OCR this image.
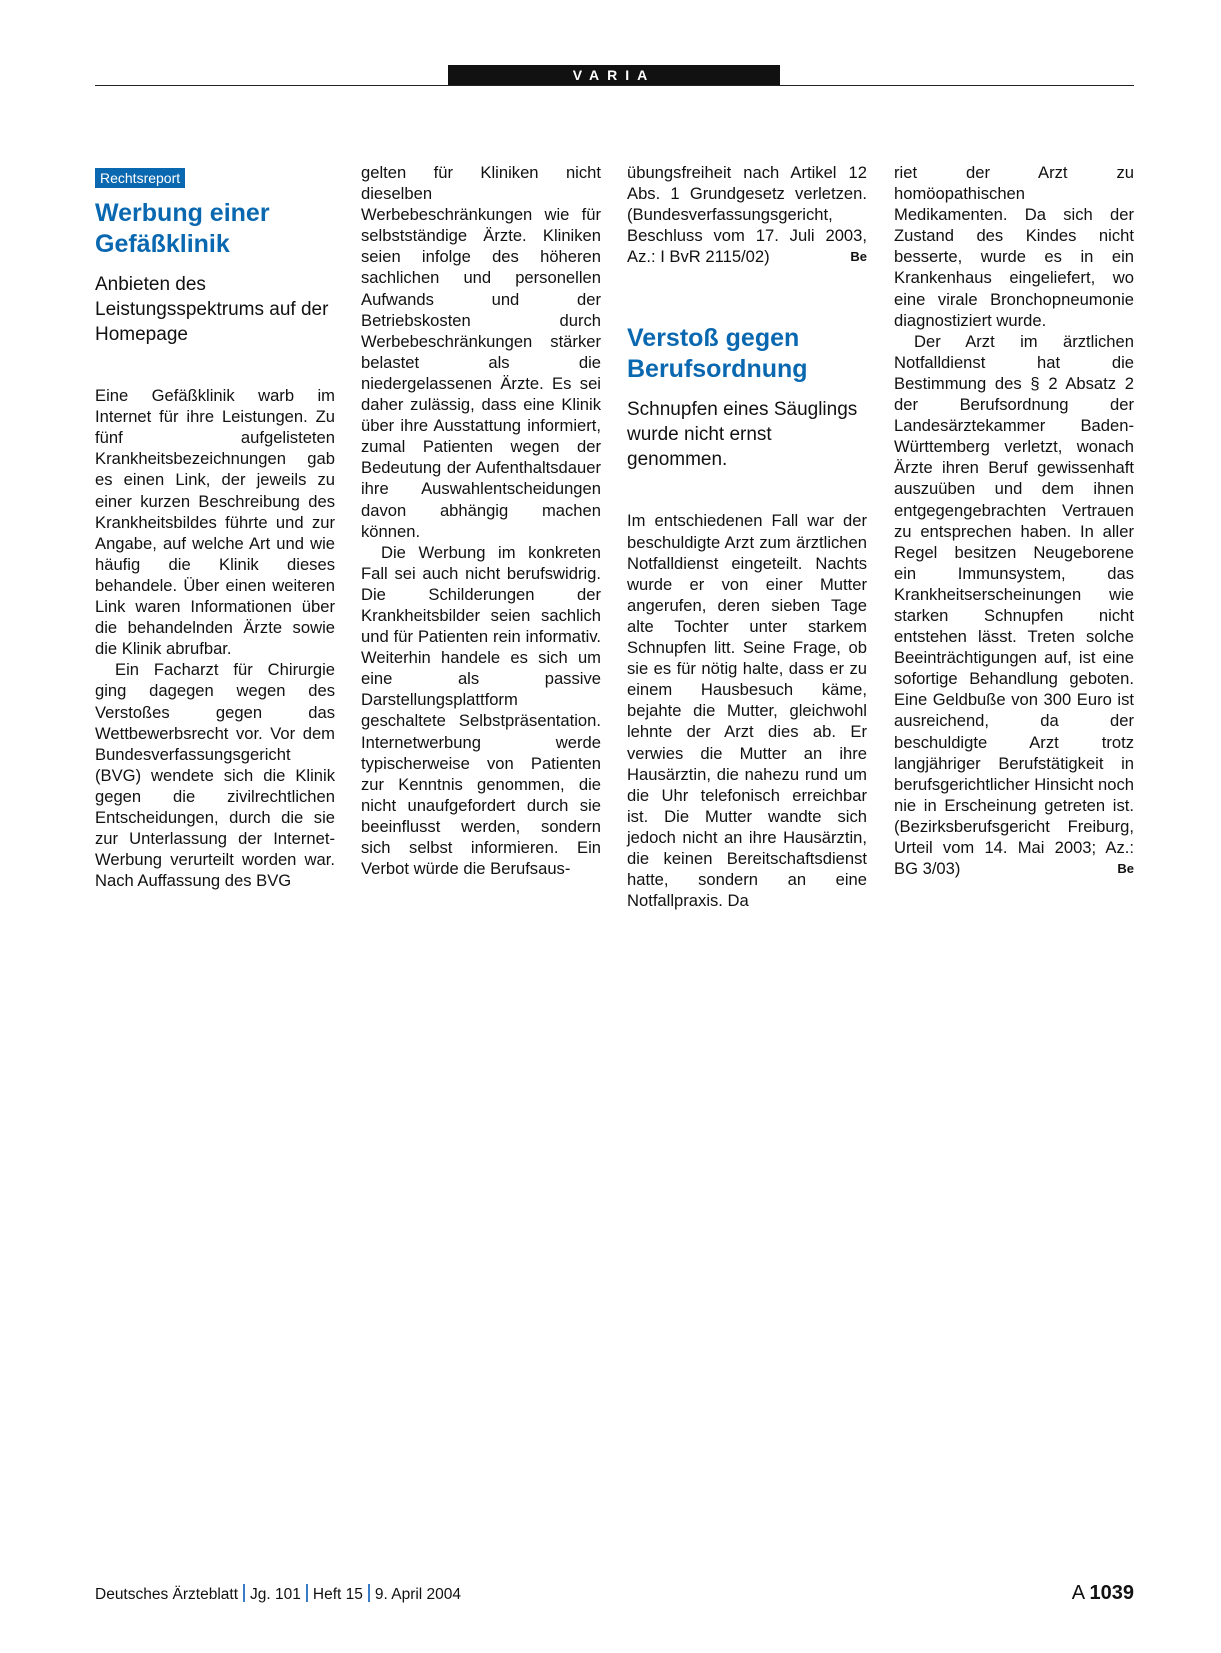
VARIA
Rechtsreport
Werbung einer Gefäßklinik
Anbieten des Leistungsspektrums auf der Homepage

Eine Gefäßklinik warb im Internet für ihre Leistungen. Zu fünf aufgelisteten Krankheitsbezeichnungen gab es einen Link, der jeweils zu einer kurzen Beschreibung des Krankheitsbildes führte und zur Angabe, auf welche Art und wie häufig die Klinik dieses behandele. Über einen weiteren Link waren Informationen über die behandelnden Ärzte sowie die Klinik abrufbar.

Ein Facharzt für Chirurgie ging dagegen wegen des Verstoßes gegen das Wettbewerbsrecht vor. Vor dem Bundesverfassungsgericht (BVG) wendete sich die Klinik gegen die zivilrechtlichen Entscheidungen, durch die sie zur Unterlassung der Internet-Werbung verurteilt worden war. Nach Auffassung des BVG

gelten für Kliniken nicht dieselben Werbebeschränkungen wie für selbstständige Ärzte. Kliniken seien infolge des höheren sachlichen und personellen Aufwands und der Betriebskosten durch Werbebeschränkungen stärker belastet als die niedergelassenen Ärzte. Es sei daher zulässig, dass eine Klinik über ihre Ausstattung informiert, zumal Patienten wegen der Bedeutung der Aufenthaltsdauer ihre Auswahlentscheidungen davon abhängig machen können.

Die Werbung im konkreten Fall sei auch nicht berufswidrig. Die Schilderungen der Krankheitsbilder seien sachlich und für Patienten rein informativ. Weiterhin handele es sich um eine als passive Darstellungsplattform geschaltete Selbstpräsentation. Internetwerbung werde typischerweise von Patienten zur Kenntnis genommen, die nicht unaufgefordert durch sie beeinflusst werden, sondern sich selbst informieren. Ein Verbot würde die Berufsaus-

übungsfreiheit nach Artikel 12 Abs. 1 Grundgesetz verletzen. (Bundesverfassungsgericht, Beschluss vom 17. Juli 2003, Az.: I BvR 2115/02)	Be

Verstoß gegen Berufsordnung
Schnupfen eines Säuglings wurde nicht ernst genommen.

Im entschiedenen Fall war der beschuldigte Arzt zum ärztlichen Notfalldienst eingeteilt. Nachts wurde er von einer Mutter angerufen, deren sieben Tage alte Tochter unter starkem Schnupfen litt. Seine Frage, ob sie es für nötig halte, dass er zu einem Hausbesuch käme, bejahte die Mutter, gleichwohl lehnte der Arzt dies ab. Er verwies die Mutter an ihre Hausärztin, die nahezu rund um die Uhr telefonisch erreichbar ist. Die Mutter wandte sich jedoch nicht an ihre Hausärztin, die keinen Bereitschaftsdienst hatte, sondern an eine Notfallpraxis. Da

riet der Arzt zu homöopathischen Medikamenten. Da sich der Zustand des Kindes nicht besserte, wurde es in ein Krankenhaus eingeliefert, wo eine virale Bronchopneumonie diagnostiziert wurde.

Der Arzt im ärztlichen Notfalldienst hat die Bestimmung des § 2 Absatz 2 der Berufsordnung der Landesärztekammer Baden-Württemberg verletzt, wonach Ärzte ihren Beruf gewissenhaft auszuüben und dem ihnen entgegengebrachten Vertrauen zu entsprechen haben. In aller Regel besitzen Neugeborene ein Immunsystem, das Krankheitserscheinungen wie starken Schnupfen nicht entstehen lässt. Treten solche Beeinträchtigungen auf, ist eine sofortige Behandlung geboten. Eine Geldbuße von 300 Euro ist ausreichend, da der beschuldigte Arzt trotz langjähriger Berufstätigkeit in berufsgerichtlicher Hinsicht noch nie in Erscheinung getreten ist. (Bezirksberufsgericht Freiburg, Urteil vom 14. Mai 2003; Az.: BG 3/03)	Be

Deutsches Ärzteblatt Jg. 101 Heft 15 9. April 2004	A 1039
